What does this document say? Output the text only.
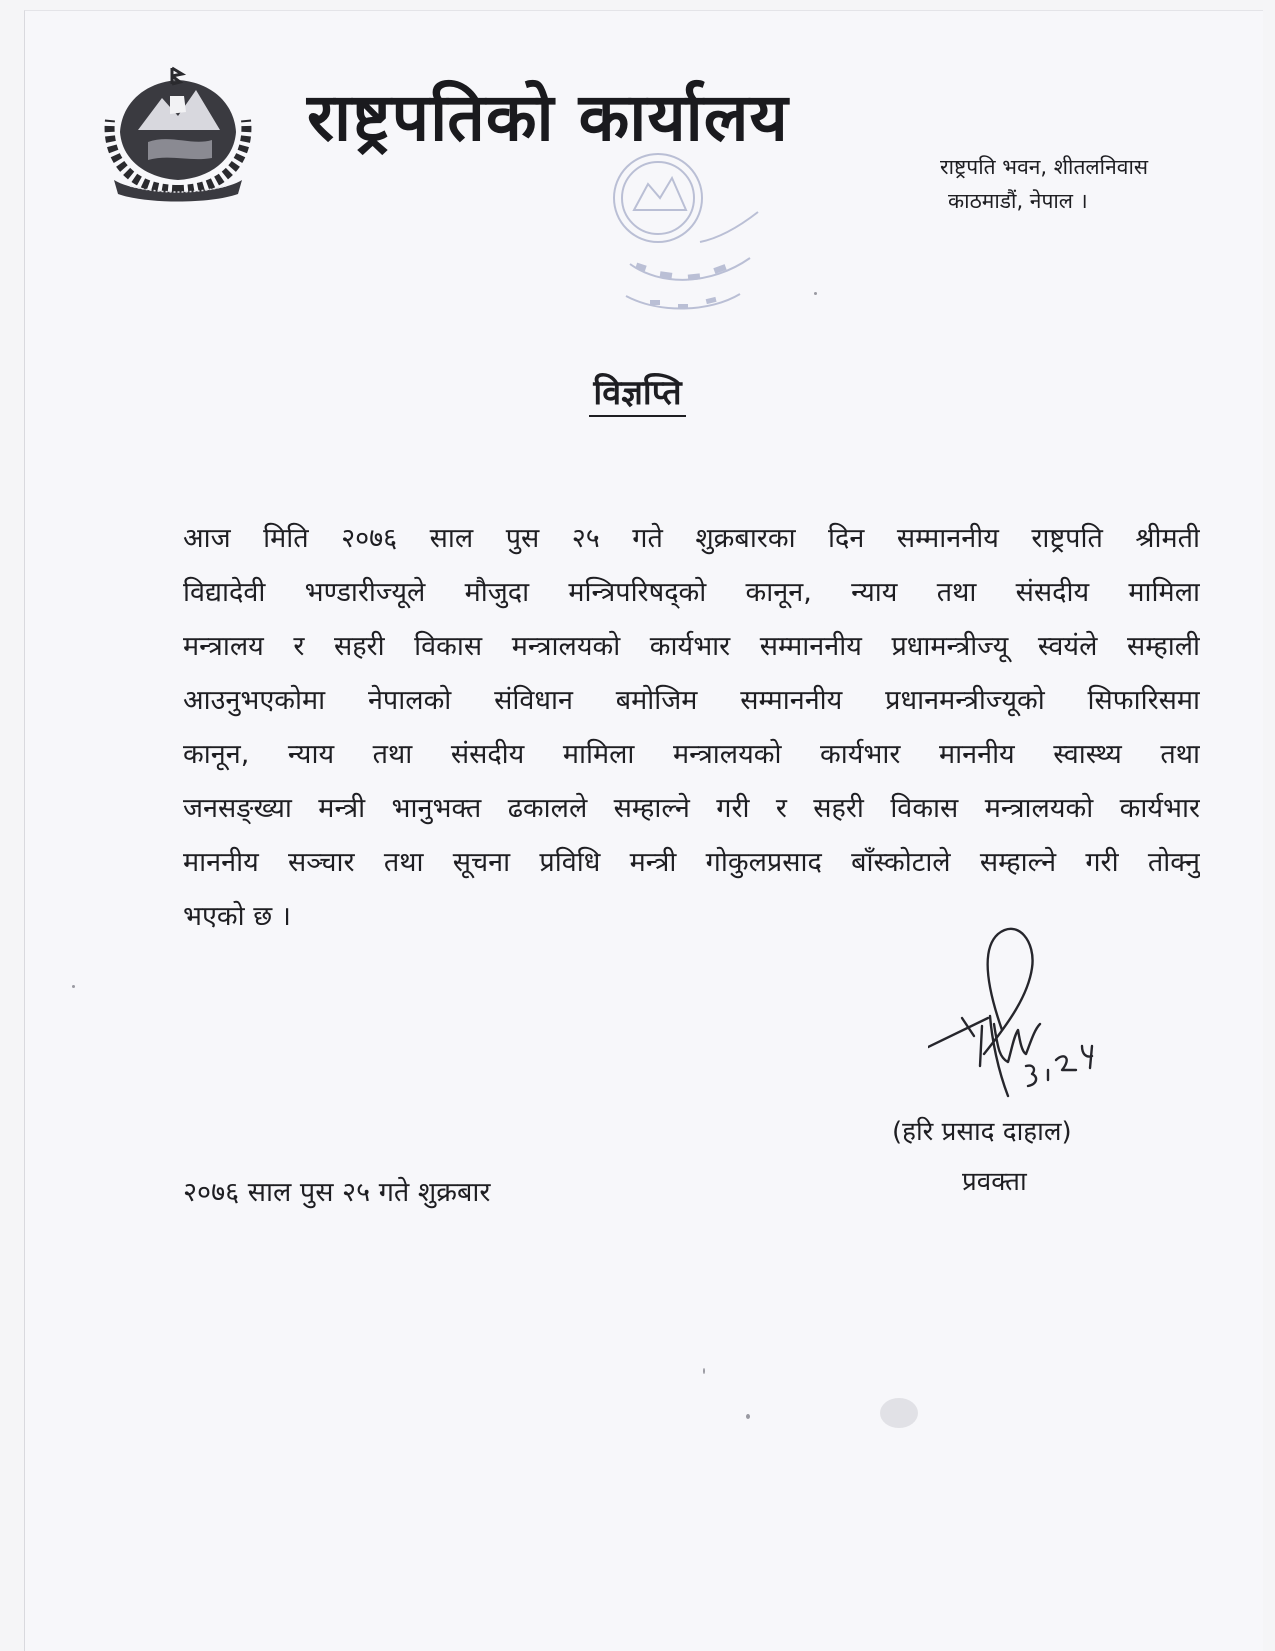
राष्ट्रपतिको कार्यालय
राष्ट्रपति भवन, शीतलनिवास
काठमाडौं, नेपाल ।
विज्ञप्ति
आज मिति २०७६ साल पुस २५ गते शुक्रबारका दिन सम्माननीय राष्ट्रपति श्रीमती
विद्यादेवी भण्डारीज्यूले मौजुदा मन्त्रिपरिषद्को कानून, न्याय तथा संसदीय मामिला
मन्त्रालय र सहरी विकास मन्त्रालयको कार्यभार सम्माननीय प्रधामन्त्रीज्यू स्वयंले सम्हाली
आउनुभएकोमा नेपालको संविधान बमोजिम सम्माननीय प्रधानमन्त्रीज्यूको सिफारिसमा
कानून, न्याय तथा संसदीय मामिला मन्त्रालयको कार्यभार माननीय स्वास्थ्य तथा
जनसङ्ख्या मन्त्री भानुभक्त ढकालले सम्हाल्ने गरी र सहरी विकास मन्त्रालयको कार्यभार
माननीय सञ्चार तथा सूचना प्रविधि मन्त्री गोकुलप्रसाद बाँस्कोटाले सम्हाल्ने गरी तोक्नु
भएको छ ।
(हरि प्रसाद दाहाल)
प्रवक्ता
२०७६ साल पुस २५ गते शुक्रबार
